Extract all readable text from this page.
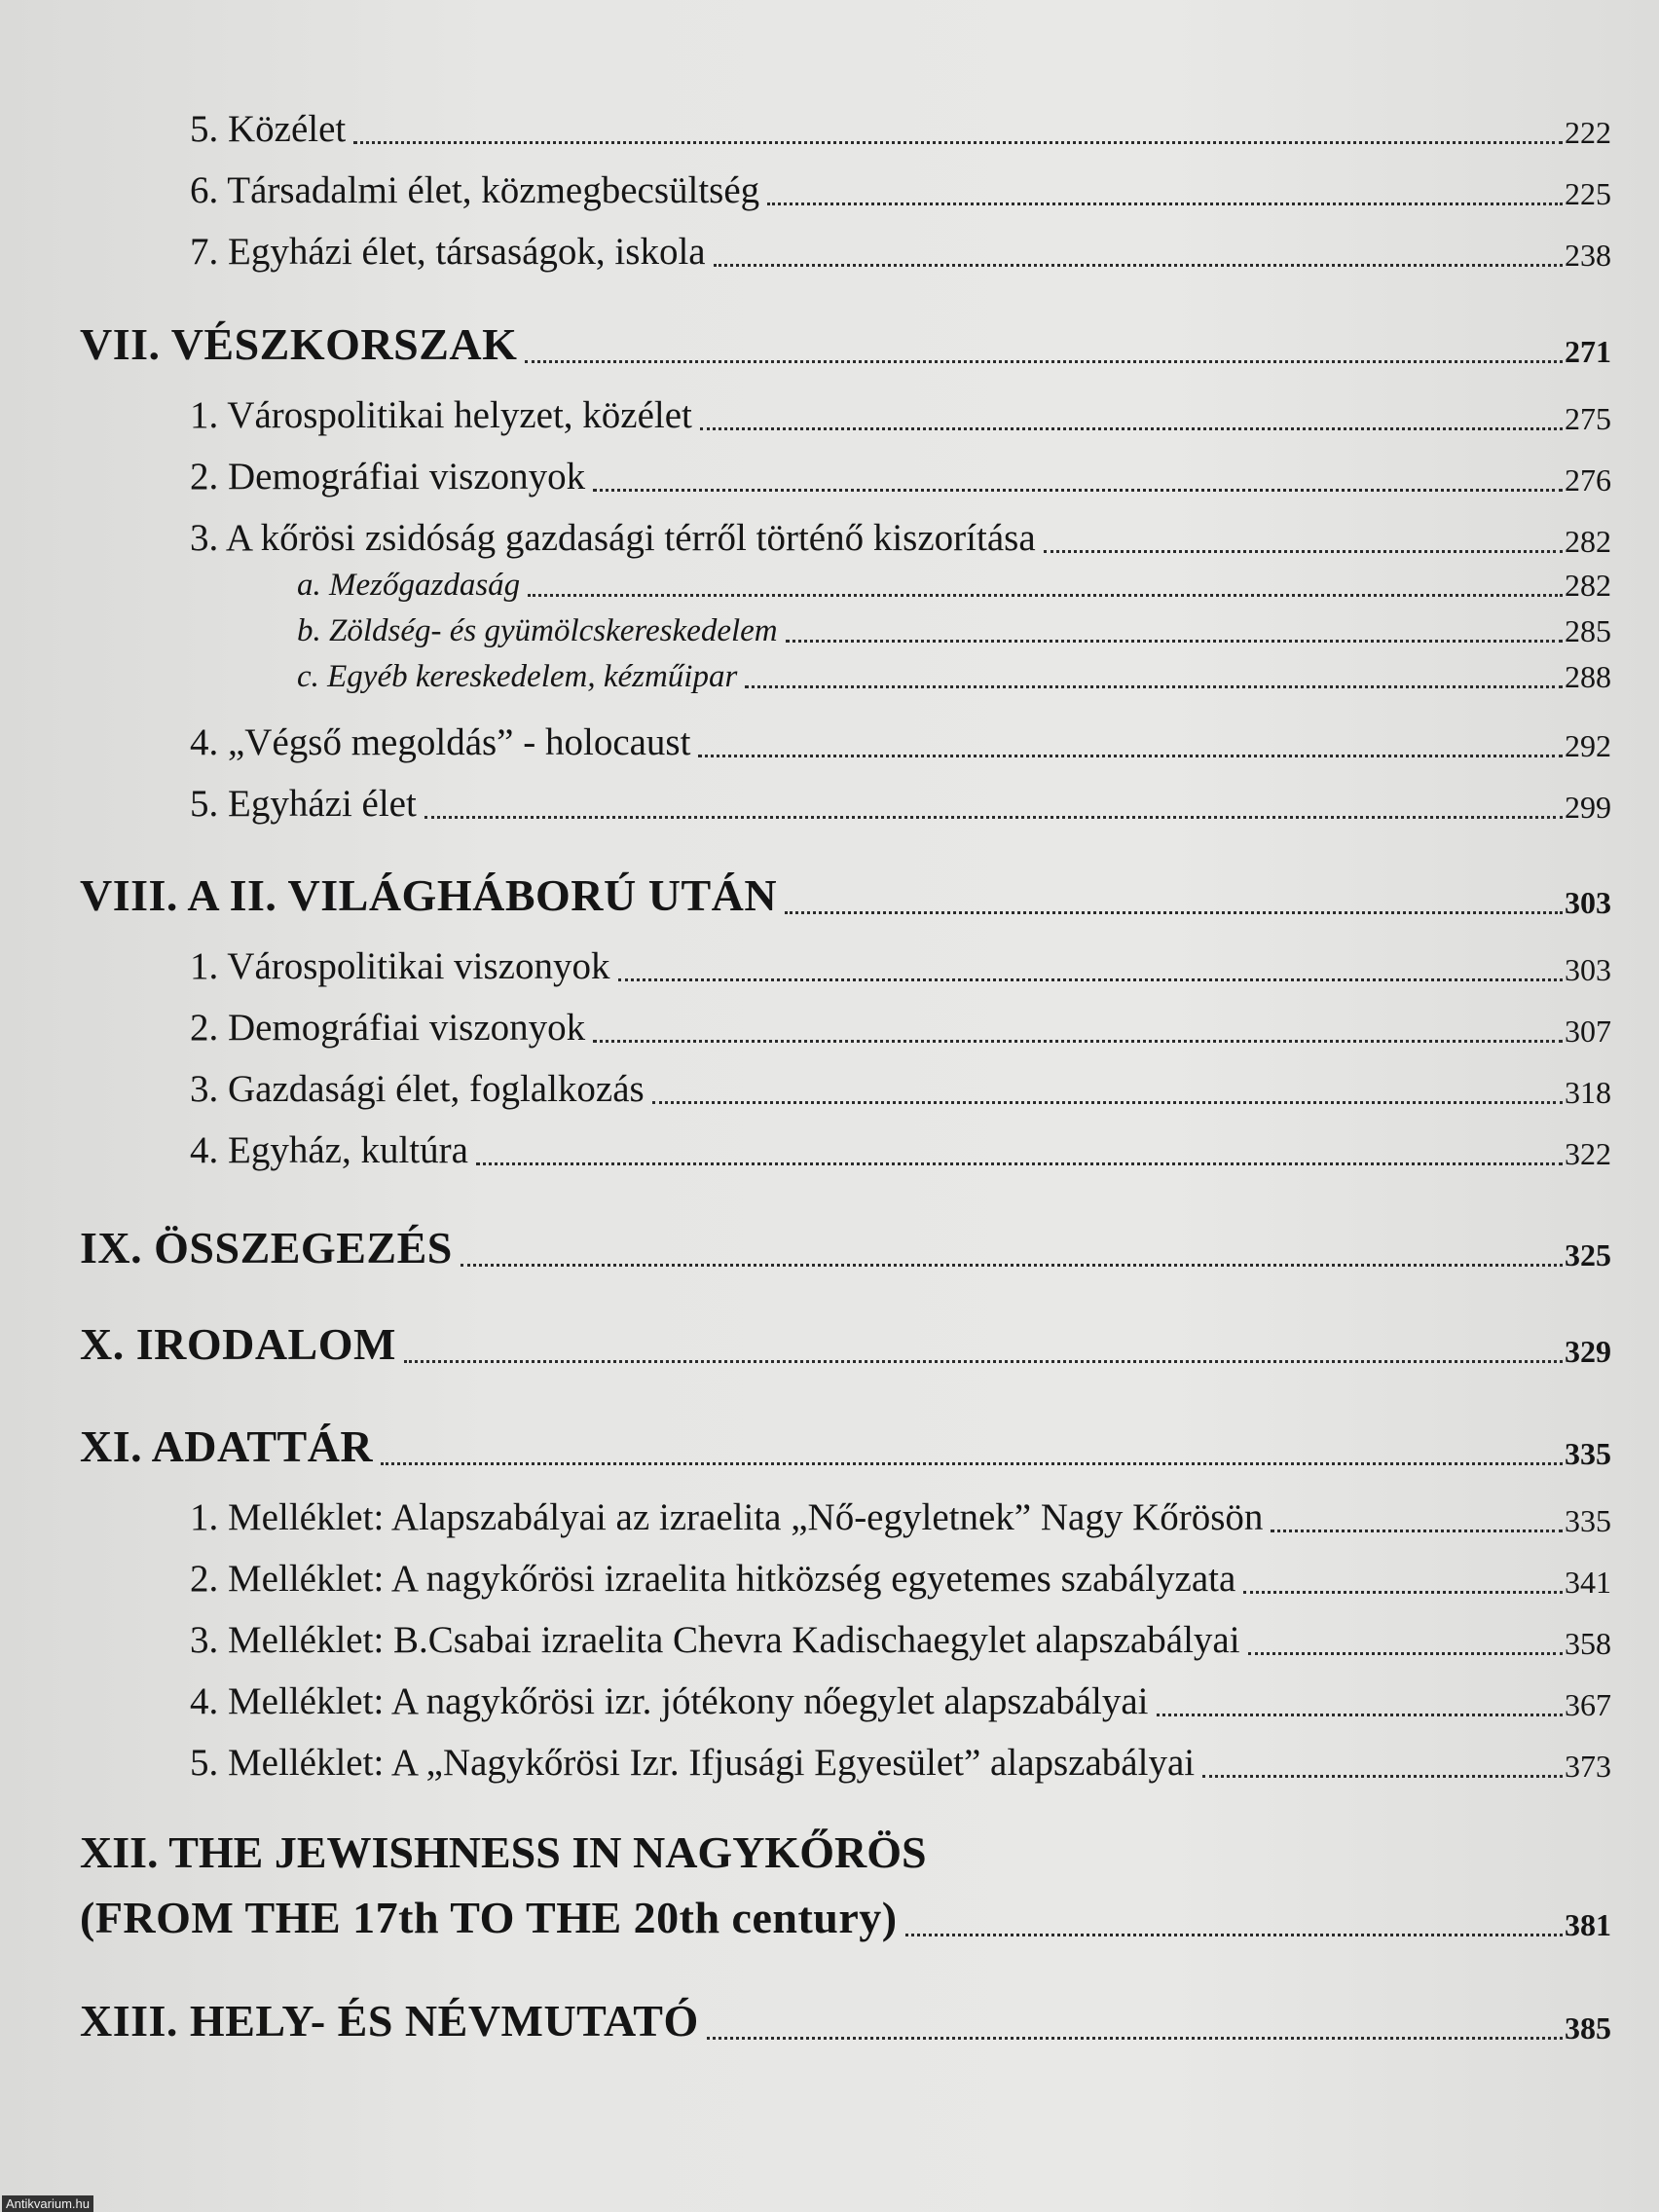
5. Közélet	222
6. Társadalmi élet, közmegbecsültség	225
7. Egyházi élet, társaságok, iskola	238
VII. VÉSZKORSZAK	271
1. Várospolitikai helyzet, közélet	275
2. Demográfiai viszonyok	276
3. A kőrösi zsidóság gazdasági térről történő kiszorítása	282
a. Mezőgazdaság	282
b. Zöldség- és gyümölcskereskedelem	285
c. Egyéb kereskedelem, kézműipar	288
4. „Végső megoldás” - holocaust	292
5. Egyházi élet	299
VIII. A II. VILÁGHÁBORÚ UTÁN	303
1. Várospolitikai viszonyok	303
2. Demográfiai viszonyok	307
3. Gazdasági élet, foglalkozás	318
4. Egyház, kultúra	322
IX. ÖSSZEGEZÉS	325
X. IRODALOM	329
XI. ADATTÁR	335
1. Melléklet: Alapszabályai az izraelita „Nő-egyletnek” Nagy Kőrösön	335
2. Melléklet: A nagykőrösi izraelita hitközség egyetemes szabályzata	341
3. Melléklet: B.Csabai izraelita Chevra Kadischaegylet alapszabályai	358
4. Melléklet: A nagykőrösi izr. jótékony nőegylet alapszabályai	367
5. Melléklet: A „Nagykőrösi Izr. Ifjusági Egyesület” alapszabályai	373
XII. THE JEWISHNESS IN NAGYKŐRÖS
(FROM THE 17th TO THE 20th century)	381
XIII. HELY- ÉS NÉVMUTATÓ	385
Antikvarium.hu
